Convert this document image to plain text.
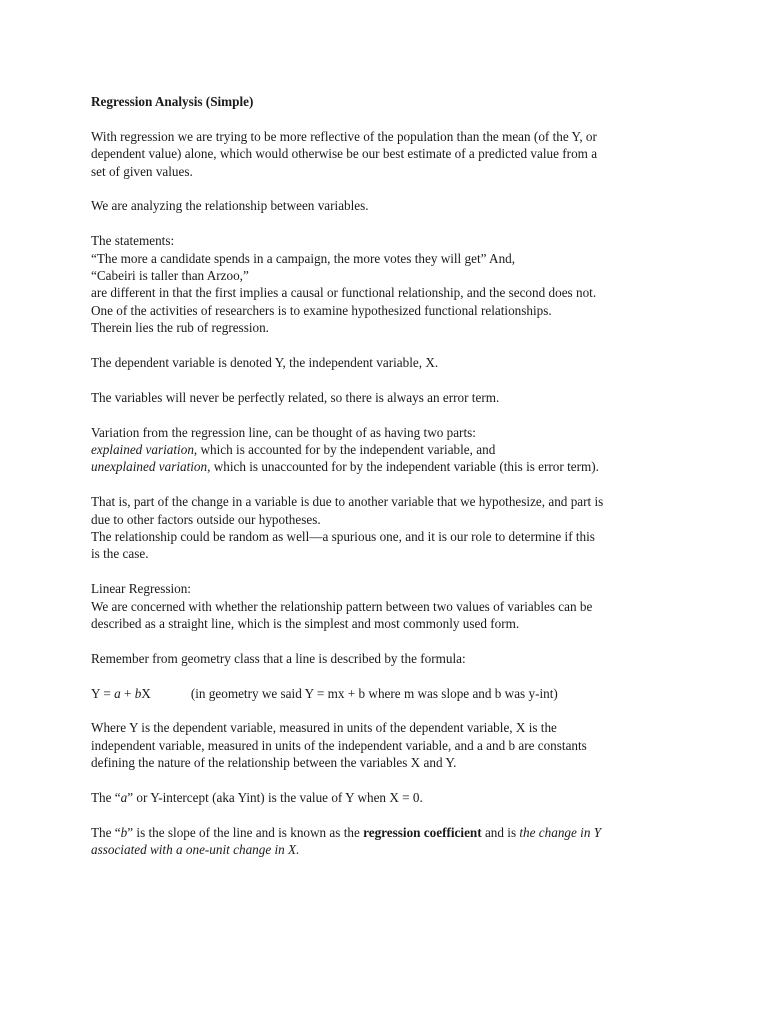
Regression Analysis (Simple)

With regression we are trying to be more reflective of the population than the mean (of the Y, or
dependent value) alone, which would otherwise be our best estimate of a predicted value from a
set of given values.

We are analyzing the relationship between variables.

The statements:
“The more a candidate spends in a campaign, the more votes they will get” And,
“Cabeiri is taller than Arzoo,”
are different in that the first implies a causal or functional relationship, and the second does not.
One of the activities of researchers is to examine hypothesized functional relationships.
Therein lies the rub of regression.

The dependent variable is denoted Y, the independent variable, X.

The variables will never be perfectly related, so there is always an error term.

Variation from the regression line, can be thought of as having two parts:
explained variation, which is accounted for by the independent variable, and
unexplained variation, which is unaccounted for by the independent variable (this is error term).

That is, part of the change in a variable is due to another variable that we hypothesize, and part is
due to other factors outside our hypotheses.
The relationship could be random as well—a spurious one, and it is our role to determine if this
is the case.

Linear Regression:
We are concerned with whether the relationship pattern between two values of variables can be
described as a straight line, which is the simplest and most commonly used form.

Remember from geometry class that a line is described by the formula:

Y = a + bX	(in geometry we said Y = mx + b where m was slope and b was y-int)

Where Y is the dependent variable, measured in units of the dependent variable, X is the
independent variable, measured in units of the independent variable, and a and b are constants
defining the nature of the relationship between the variables X and Y.

The “a” or Y-intercept (aka Yint) is the value of Y when X = 0.

The “b” is the slope of the line and is known as the regression coefficient and is the change in Y
associated with a one-unit change in X.
